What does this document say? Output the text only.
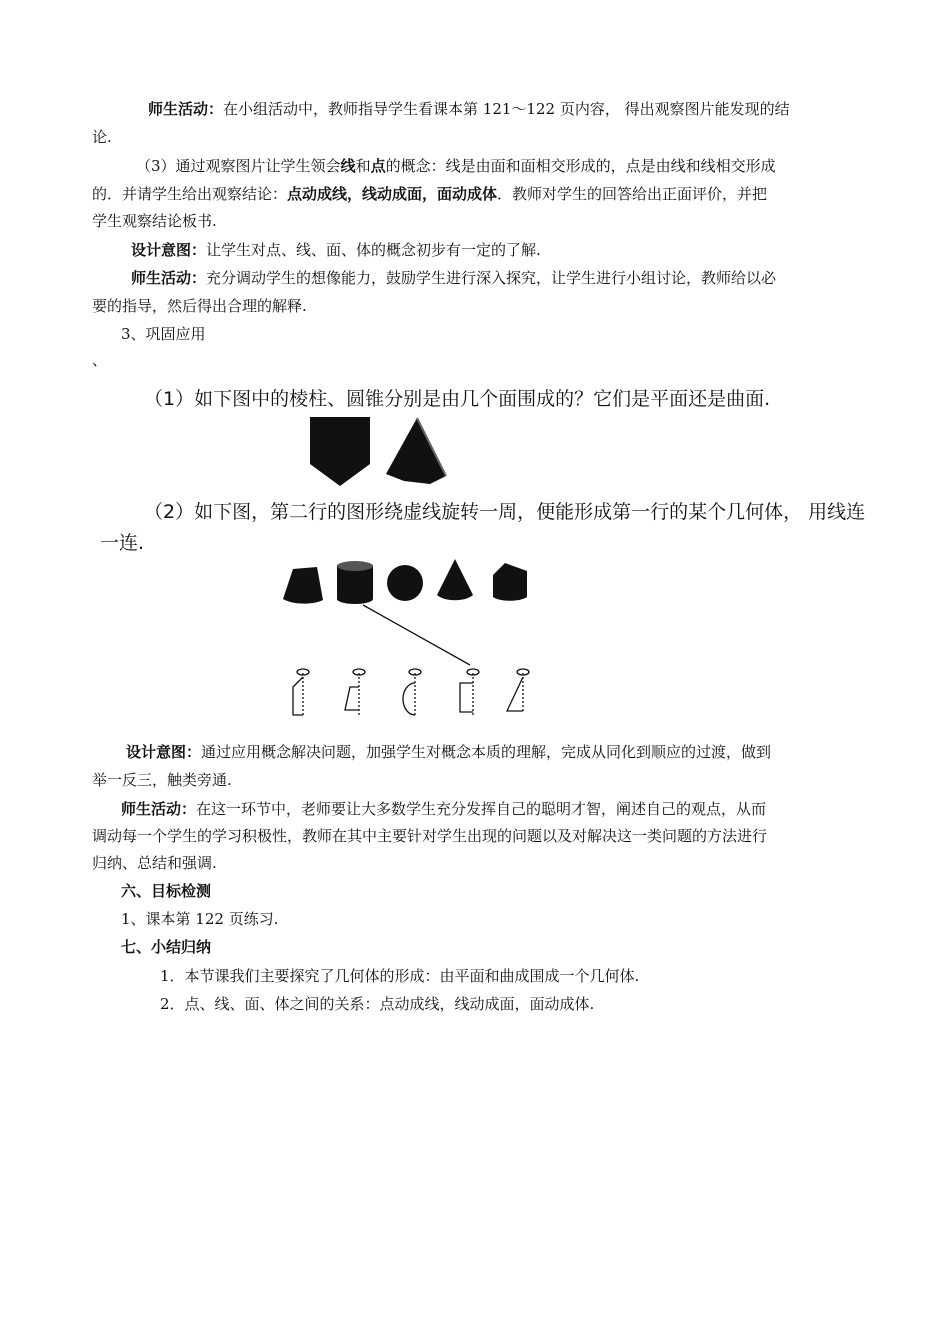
师生活动：在小组活动中，教师指导学生看课本第 121～122 页内容， 得出观察图片能发现的结
论.
（3）通过观察图片让学生领会线和点的概念：线是由面和面相交形成的，点是由线和线相交形成
的．并请学生给出观察结论：点动成线，线动成面，面动成体．教师对学生的回答给出正面评价，并把
学生观察结论板书.
设计意图：让学生对点、线、面、体的概念初步有一定的了解.
师生活动：充分调动学生的想像能力，鼓励学生进行深入探究，让学生进行小组讨论，教师给以必
要的指导，然后得出合理的解释.
3、巩固应用
、
（1）如下图中的棱柱、圆锥分别是由几个面围成的？它们是平面还是曲面.
（2）如下图，第二行的图形绕虚线旋转一周，便能形成第一行的某个几何体， 用线连
一连.
设计意图：通过应用概念解决问题，加强学生对概念本质的理解，完成从同化到顺应的过渡，做到
举一反三，触类旁通.
师生活动：在这一环节中，老师要让大多数学生充分发挥自己的聪明才智，阐述自己的观点，从而
调动每一个学生的学习积极性，教师在其中主要针对学生出现的问题以及对解决这一类问题的方法进行
归纳、总结和强调.
六、目标检测
1、课本第 122 页练习.
七、小结归纳
1．本节课我们主要探究了几何体的形成：由平面和曲成围成一个几何体.
2．点、线、面、体之间的关系：点动成线，线动成面，面动成体.
